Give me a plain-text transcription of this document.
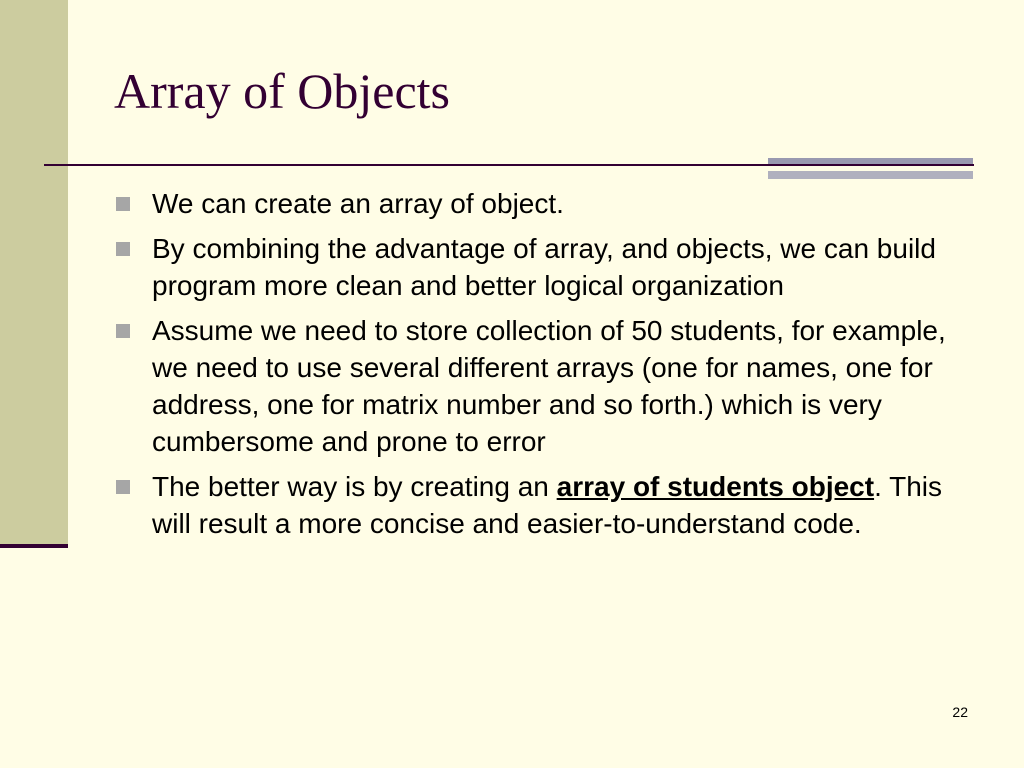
Array of Objects
We can create an array of object.
By combining the advantage of array, and objects, we can build program more clean and better logical organization
Assume we need to store collection of 50 students, for example, we need to use several different arrays (one for names, one for address, one for matrix number and so forth.) which is very cumbersome and prone to error
The better way is by creating an array of students object. This will result a more concise and easier-to-understand code.
22
